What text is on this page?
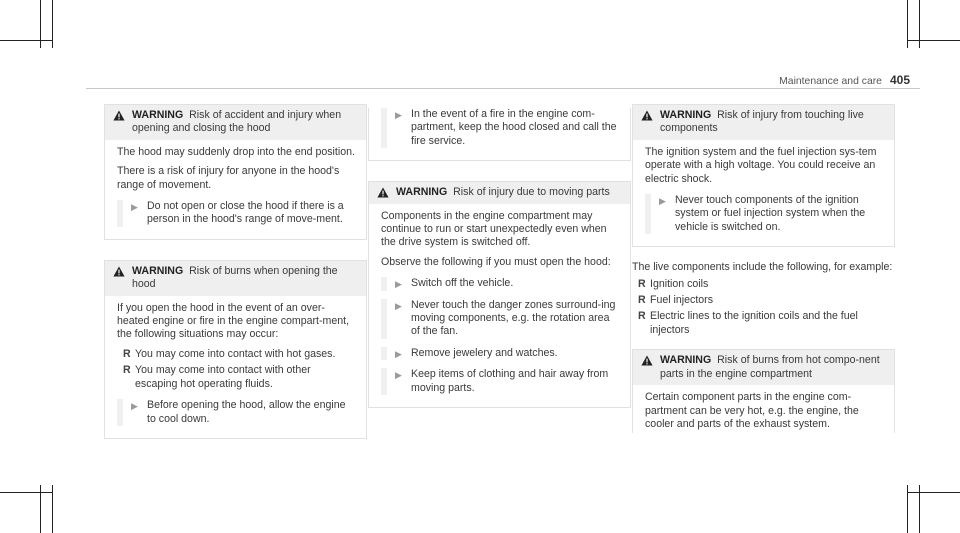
Maintenance and care 405
WARNING Risk of accident and injury when opening and closing the hood

The hood may suddenly drop into the end position.

There is a risk of injury for anyone in the hood's range of movement.

▶ Do not open or close the hood if there is a person in the hood's range of move-ment.
WARNING Risk of burns when opening the hood

If you open the hood in the event of an over-heated engine or fire in the engine compart-ment, the following situations may occur:

R You may come into contact with hot gases.
R You may come into contact with other escaping hot operating fluids.
▶ Before opening the hood, allow the engine to cool down.
▶ In the event of a fire in the engine com-partment, keep the hood closed and call the fire service.
WARNING Risk of injury due to moving parts

Components in the engine compartment may continue to run or start unexpectedly even when the drive system is switched off.

Observe the following if you must open the hood:

▶ Switch off the vehicle.
▶ Never touch the danger zones surround-ing moving components, e.g. the rotation area of the fan.
▶ Remove jewelery and watches.
▶ Keep items of clothing and hair away from moving parts.
WARNING Risk of injury from touching live components

The ignition system and the fuel injection sys-tem operate with a high voltage. You could receive an electric shock.

▶ Never touch components of the ignition system or fuel injection system when the vehicle is switched on.

The live components include the following, for example:

R Ignition coils
R Fuel injectors
R Electric lines to the ignition coils and the fuel injectors
WARNING Risk of burns from hot compo-nent parts in the engine compartment

Certain component parts in the engine com-partment can be very hot, e.g. the engine, the cooler and parts of the exhaust system.
